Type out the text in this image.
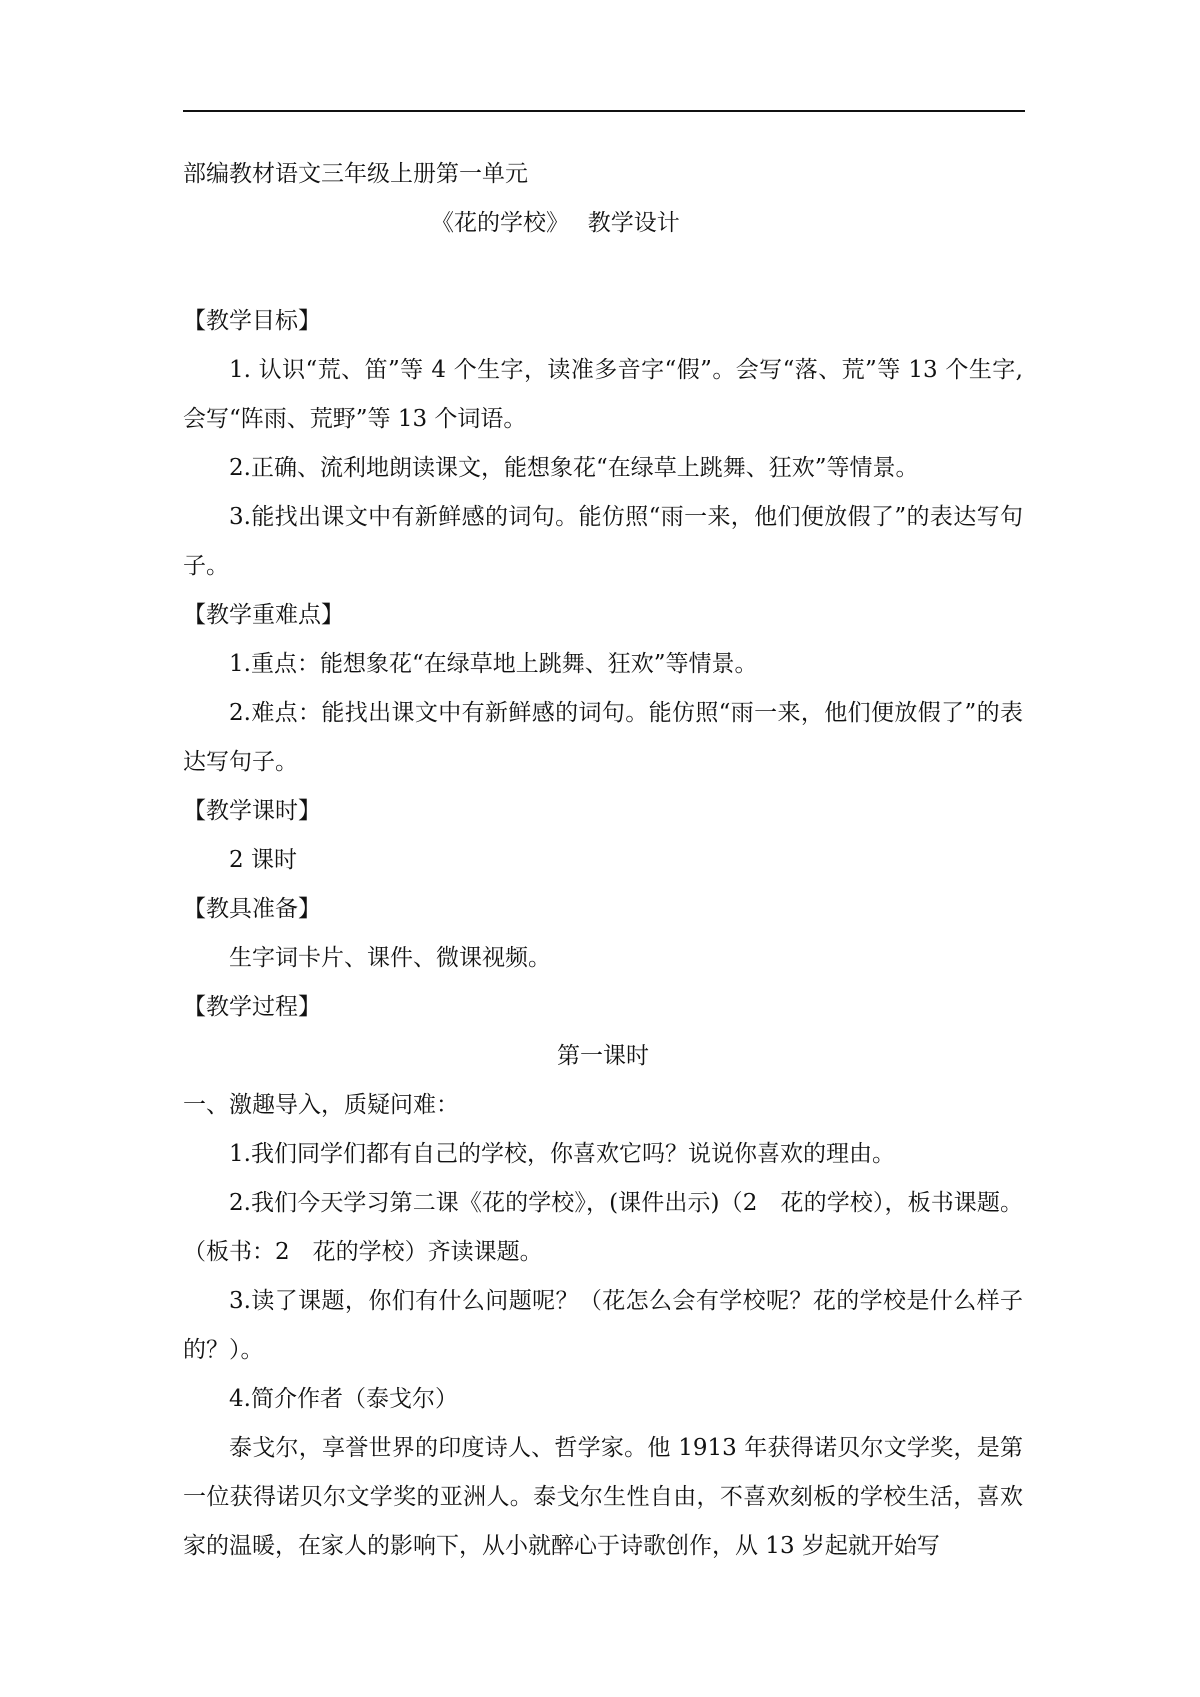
部编教材语文三年级上册第一单元

《花的学校》　 教学设计

【教学目标】

1. 认识“荒、笛”等 4 个生字，读准多音字“假”。会写“落、荒”等 13 个生字,会写“阵雨、荒野”等 13 个词语。

2.正确、流利地朗读课文，能想象花“在绿草上跳舞、狂欢”等情景。

3.能找出课文中有新鲜感的词句。能仿照“雨一来，他们便放假了”的表达写句子。

【教学重难点】

1.重点：能想象花“在绿草地上跳舞、狂欢”等情景。

2.难点：能找出课文中有新鲜感的词句。能仿照“雨一来，他们便放假了”的表达写句子。

【教学课时】

2 课时

【教具准备】

生字词卡片、课件、微课视频。

【教学过程】

第一课时

一、激趣导入，质疑问难：

1.我们同学们都有自己的学校，你喜欢它吗？说说你喜欢的理由。

2.我们今天学习第二课《花的学校》，(课件出示)（2　花的学校），板书课题。（板书：2　花的学校）齐读课题。

3.读了课题，你们有什么问题呢？（花怎么会有学校呢？花的学校是什么样子的？）。

4.简介作者（泰戈尔）

泰戈尔，享誉世界的印度诗人、哲学家。他 1913 年获得诺贝尔文学奖，是第一位获得诺贝尔文学奖的亚洲人。泰戈尔生性自由，不喜欢刻板的学校生活，喜欢家的温暖，在家人的影响下，从小就醉心于诗歌创作，从 13 岁起就开始写
